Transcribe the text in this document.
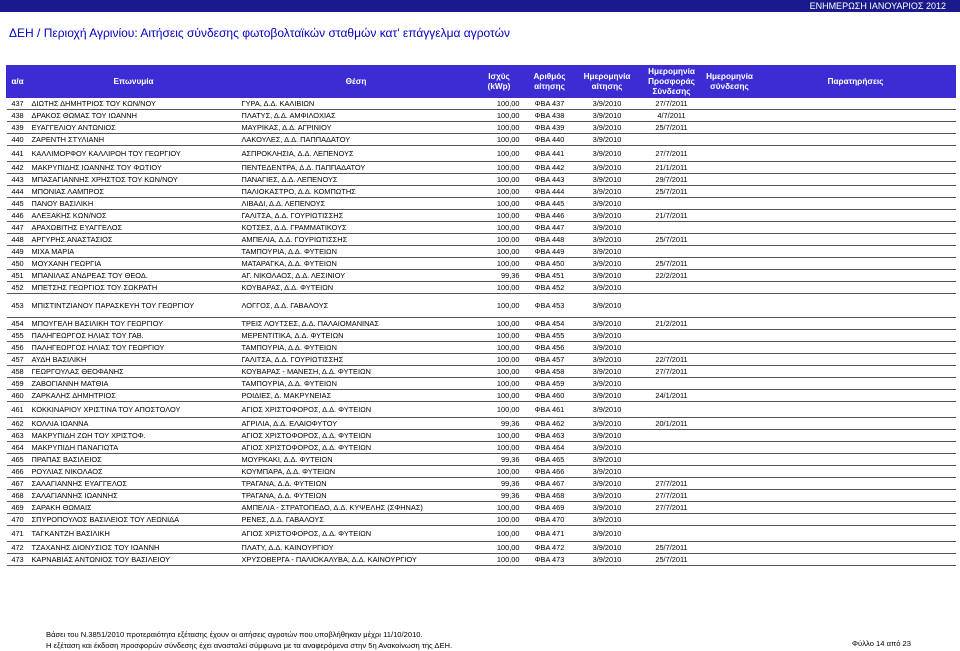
ΕΝΗΜΕΡΩΣΗ ΙΑΝΟΥΑΡΙΟΣ 2012
ΔΕΗ / Περιοχή Αγρινίου: Αιτήσεις σύνδεσης φωτοβολταϊκών σταθμών κατ' επάγγελμα αγροτών
α/α	Επωνυμία	Θέση	Ισχύς (kWp)	Αριθμός αίτησης	Ημερομηνία αίτησης	Ημερομηνία Προσφοράς Σύνδεσης	Ημερομηνία σύνδεσης	Παρατηρήσεις
437	ΔΙΩΤΗΣ ΔΗΜΗΤΡΙΟΣ ΤΟΥ ΚΩΝ/ΝΟΥ	ΓΥΡΑ, Δ.Δ. ΚΑΛΙΒΙΩΝ	100,00	ΦΒΑ 437	3/9/2010	27/7/2011		
438	ΔΡΑΚΟΣ ΘΩΜΑΣ ΤΟΥ ΙΩΑΝΝΗ	ΠΛΑΤΥΣ, Δ.Δ. ΑΜΦΙΛΟΧΙΑΣ	100,00	ΦΒΑ 438	3/9/2010	4/7/2011		
439	ΕΥΑΓΓΕΛΙΟΥ ΑΝΤΩΝΙΟΣ	ΜΑΥΡΙΚΑΣ, Δ.Δ. ΑΓΡΙΝΙΟΥ	100,00	ΦΒΑ 439	3/9/2010	25/7/2011		
440	ΖΑΡΕΝΤΗ ΣΤΥΛΙΑΝΗ	ΛΑΚΟΥΛΕΣ, Δ.Δ. ΠΑΠΠΑΔΑΤΟΥ	100,00	ΦΒΑ 440	3/9/2010			
441	ΚΑΛΛΙΜΟΡΦΟΥ ΚΑΛΛΙΡΟΗ ΤΟΥ ΓΕΩΡΓΙΟΥ	ΑΣΠΡΟΚΛΗΣΙΑ, Δ.Δ. ΛΕΠΕΝΟΥΣ	100,00	ΦΒΑ 441	3/9/2010	27/7/2011		
442	ΜΑΚΡΥΠΙΔΗΣ ΙΩΑΝΝΗΣ ΤΟΥ ΦΩΤΙΟΥ	ΠΕΝΤΕΔΕΝΤΡΑ, Δ.Δ. ΠΑΠΠΑΔΑΤΟΥ	100,00	ΦΒΑ 442	3/9/2010	21/1/2011		
443	ΜΠΑΣΑΓΙΑΝΝΗΣ ΧΡΗΣΤΟΣ ΤΟΥ ΚΩΝ/ΝΟΥ	ΠΑΝΑΓΙΕΣ, Δ.Δ. ΛΕΠΕΝΟΥΣ	100,00	ΦΒΑ 443	3/9/2010	29/7/2011		
444	ΜΠΟΝΙΑΣ ΛΑΜΠΡΟΣ	ΠΑΛΙΟΚΑΣΤΡΟ, Δ.Δ. ΚΟΜΠΩΤΗΣ	100,00	ΦΒΑ 444	3/9/2010	25/7/2011		
445	ΠΑΝΟΥ ΒΑΣΙΛΙΚΗ	ΛΙΒΑΔΙ, Δ.Δ. ΛΕΠΕΝΟΥΣ	100,00	ΦΒΑ 445	3/9/2010			
446	ΑΛΕΞΑΚΗΣ ΚΩΝ/ΝΟΣ	ΓΑΛΙΤΣΑ, Δ.Δ. ΓΟΥΡΙΩΤΙΣΣΗΣ	100,00	ΦΒΑ 446	3/9/2010	21/7/2011		
447	ΑΡΑΧΩΒΙΤΗΣ ΕΥΑΓΓΕΛΟΣ	ΚΟΤΣΕΣ, Δ.Δ. ΓΡΑΜΜΑΤΙΚΟΥΣ	100,00	ΦΒΑ 447	3/9/2010			
448	ΑΡΓΥΡΗΣ ΑΝΑΣΤΑΣΙΟΣ	ΑΜΠΕΛΙΑ, Δ.Δ. ΓΟΥΡΙΩΤΙΣΣΗΣ	100,00	ΦΒΑ 448	3/9/2010	25/7/2011		
449	ΜΙΧΑ ΜΑΡΙΑ	ΤΑΜΠΟΥΡΙΑ, Δ.Δ. ΦΥΤΕΙΩΝ	100,00	ΦΒΑ 449	3/9/2010			
450	ΜΟΥΧΑΝΗ ΓΕΩΡΓΙΑ	ΜΑΤΑΡΑΓΚΑ, Δ.Δ. ΦΥΤΕΙΩΝ	100,00	ΦΒΑ 450	3/9/2010	25/7/2011		
451	ΜΠΑΝΙΛΑΣ ΑΝΔΡΕΑΣ ΤΟΥ ΘΕΟΔ.	ΑΓ. ΝΙΚΟΛΑΟΣ, Δ.Δ. ΛΕΣΙΝΙΟΥ	99,36	ΦΒΑ 451	3/9/2010	22/2/2011		
452	ΜΠΕΤΣΗΣ ΓΕΩΡΓΙΟΣ ΤΟΥ ΣΩΚΡΑΤΗ	ΚΟΥΒΑΡΑΣ, Δ.Δ. ΦΥΤΕΙΩΝ	100,00	ΦΒΑ 452	3/9/2010			
453	ΜΠΙΣΤΙΝΤΖΙΑΝΟΥ ΠΑΡΑΣΚΕΥΗ ΤΟΥ ΓΕΩΡΓΙΟΥ	ΛΟΓΓΟΣ, Δ.Δ. ΓΑΒΑΛΟΥΣ	100,00	ΦΒΑ 453	3/9/2010			
454	ΜΠΟΥΓΕΛΗ ΒΑΣΙΛΙΚΗ ΤΟΥ ΓΕΩΡΓΙΟΥ	ΤΡΕΙΣ ΛΟΥΤΣΕΣ, Δ.Δ. ΠΑΛΑΙΟΜΑΝΙΝΑΣ	100,00	ΦΒΑ 454	3/9/2010	21/2/2011		
455	ΠΑΛΗΓΕΩΡΓΟΣ ΗΛΙΑΣ ΤΟΥ ΓΑΒ.	ΜΕΡΕΝΤΙΤΙΚΑ, Δ.Δ. ΦΥΤΕΙΩΝ	100,00	ΦΒΑ 455	3/9/2010			
456	ΠΑΛΗΓΕΩΡΓΟΣ ΗΛΙΑΣ ΤΟΥ ΓΕΩΡΓΙΟΥ	ΤΑΜΠΟΥΡΙΑ, Δ.Δ. ΦΥΤΕΙΩΝ	100,00	ΦΒΑ 456	3/9/2010			
457	ΑΥΔΗ ΒΑΣΙΛΙΚΗ	ΓΑΛΙΤΣΑ, Δ.Δ. ΓΟΥΡΙΩΤΙΣΣΗΣ	100,00	ΦΒΑ 457	3/9/2010	22/7/2011		
458	ΓΕΩΡΓΟΥΛΑΣ ΘΕΟΦΑΝΗΣ	ΚΟΥΒΑΡΑΣ - ΜΑΝΕΣΗ, Δ.Δ. ΦΥΤΕΙΩΝ	100,00	ΦΒΑ 458	3/9/2010	27/7/2011		
459	ΖΑΒΟΓΙΑΝΝΗ ΜΑΤΘΙΑ	ΤΑΜΠΟΥΡΙΑ, Δ.Δ. ΦΥΤΕΙΩΝ	100,00	ΦΒΑ 459	3/9/2010			
460	ΖΑΡΚΑΛΗΣ ΔΗΜΗΤΡΙΟΣ	ΡΟΙΔΙΕΣ, Δ. ΜΑΚΡΥΝΕΙΑΣ	100,00	ΦΒΑ 460	3/9/2010	24/1/2011		
461	ΚΟΚΚΙΝΑΡΙΟΥ ΧΡΙΣΤΙΝΑ ΤΟΥ ΑΠΟΣΤΟΛΟΥ	ΑΓΙΟΣ ΧΡΙΣΤΟΦΟΡΟΣ, Δ.Δ. ΦΥΤΕΙΩΝ	100,00	ΦΒΑ 461	3/9/2010			
462	ΚΟΛΛΙΑ ΙΩΑΝΝΑ	ΑΓΡΙΛΙΑ, Δ.Δ. ΕΛΑΙΟΦΥΤΟΥ	99,36	ΦΒΑ 462	3/9/2010	20/1/2011		
463	ΜΑΚΡΥΠΙΔΗ ΖΩΗ ΤΟΥ ΧΡΙΣΤΟΦ.	ΑΓΙΟΣ ΧΡΙΣΤΟΦΟΡΟΣ, Δ.Δ. ΦΥΤΕΙΩΝ	100,00	ΦΒΑ 463	3/9/2010			
464	ΜΑΚΡΥΠΙΔΗ ΠΑΝΑΓΙΩΤΑ	ΑΓΙΟΣ ΧΡΙΣΤΟΦΟΡΟΣ, Δ.Δ. ΦΥΤΕΙΩΝ	100,00	ΦΒΑ 464	3/9/2010			
465	ΠΡΑΠΑΣ ΒΑΣΙΛΕΙΟΣ	ΜΟΥΡΚΑΚΙ, Δ.Δ. ΦΥΤΕΙΩΝ	99,36	ΦΒΑ 465	3/9/2010			
466	ΡΟΥΛΙΑΣ ΝΙΚΟΛΑΟΣ	ΚΟΥΜΠΑΡΑ, Δ.Δ. ΦΥΤΕΙΩΝ	100,00	ΦΒΑ 466	3/9/2010			
467	ΣΑΛΑΓΙΑΝΝΗΣ ΕΥΑΓΓΕΛΟΣ	ΤΡΑΓΑΝΑ, Δ.Δ. ΦΥΤΕΙΩΝ	99,36	ΦΒΑ 467	3/9/2010	27/7/2011		
468	ΣΑΛΑΓΙΑΝΝΗΣ ΙΩΑΝΝΗΣ	ΤΡΑΓΑΝΑ, Δ.Δ. ΦΥΤΕΙΩΝ	99,36	ΦΒΑ 468	3/9/2010	27/7/2011		
469	ΣΑΡΑΚΗ ΘΩΜΑΙΣ	ΑΜΠΕΛΙΑ - ΣΤΡΑΤΟΠΕΔΟ, Δ.Δ. ΚΥΨΕΛΗΣ (ΣΦΗΝΑΣ)	100,00	ΦΒΑ 469	3/9/2010	27/7/2011		
470	ΣΠΥΡΟΠΟΥΛΟΣ ΒΑΣΙΛΕΙΟΣ ΤΟΥ ΛΕΩΝΙΔΑ	ΡΕΝΕΣ, Δ.Δ. ΓΑΒΑΛΟΥΣ	100,00	ΦΒΑ 470	3/9/2010			
471	ΤΑΓΚΑΝΤΖΗ ΒΑΣΙΛΙΚΗ	ΑΓΙΟΣ ΧΡΙΣΤΟΦΟΡΟΣ, Δ.Δ. ΦΥΤΕΙΩΝ	100,00	ΦΒΑ 471	3/9/2010			
472	ΤΖΑΧΑΝΗΣ ΔΙΟΝΥΣΙΟΣ ΤΟΥ ΙΩΑΝΝΗ	ΠΛΑΤΥ, Δ.Δ. ΚΑΙΝΟΥΡΓΙΟΥ	100,00	ΦΒΑ 472	3/9/2010	25/7/2011		
473	ΚΑΡΝΑΒΙΑΣ ΑΝΤΩΝΙΟΣ ΤΟΥ ΒΑΣΙΛΕΙΟΥ	ΧΡΥΣΟΒΕΡΓΑ - ΠΑΛΙΟΚΑΛΥΒΑ, Δ.Δ. ΚΑΙΝΟΥΡΓΙΟΥ	100,00	ΦΒΑ 473	3/9/2010	25/7/2011		
Βάσει του Ν.3851/2010 προτεραιότητα εξέτασης έχουν οι αιτήσεις αγροτών που υποβλήθηκαν μέχρι 11/10/2010.
Η εξέταση και έκδοση προσφορών σύνδεσης έχει ανασταλεί σύμφωνα με τα αναφερόμενα στην 5η Ανακοίνωση της ΔΕΗ.	Φύλλο 14 από 23
